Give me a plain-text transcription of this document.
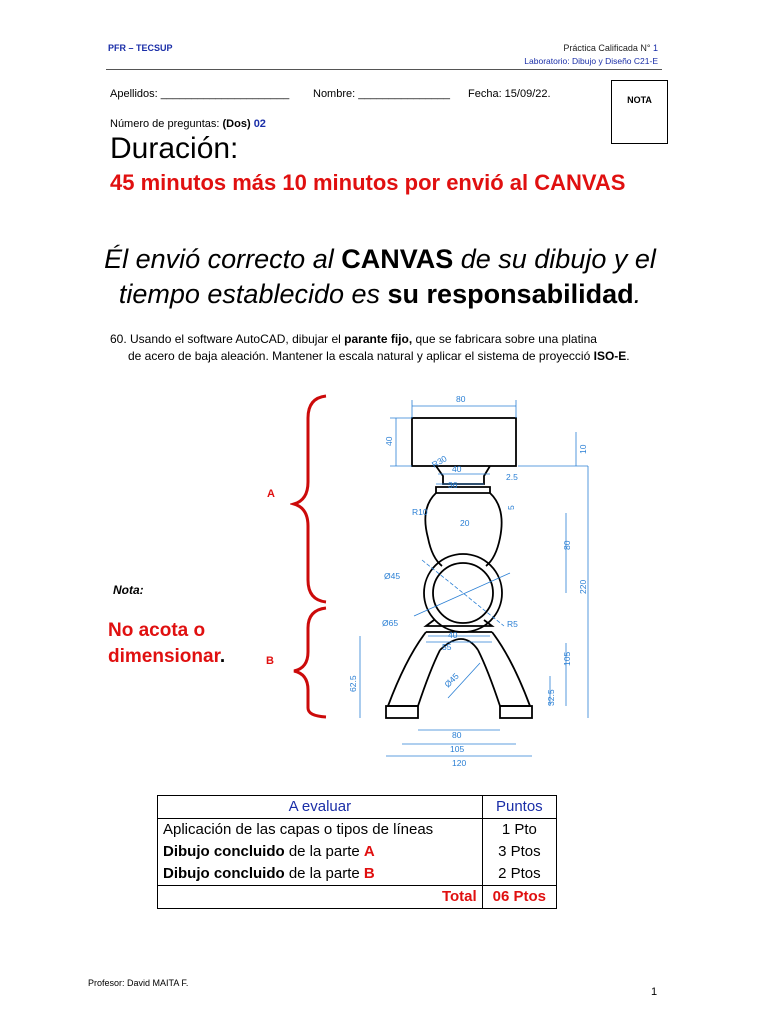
PFR – TECSUP	Práctica Calificada N° 1
Laboratorio: Dibujo y Diseño C21-E
Apellidos: _____________________ Nombre: _______________ Fecha: 15/09/22.	NOTA
Número de preguntas: (Dos) 02
Duración:
45 minutos más 10 minutos por envió al CANVAS
Él envió correcto al CANVAS de su dibujo y el
tiempo establecido es su responsabilidad.
60. Usando el software AutoCAD, dibujar el parante fijo, que se fabricara sobre una platina
de acero de baja aleación. Mantener la escala natural y aplicar el sistema de proyecció ISO-E.
A
B
Nota:
No acota o
dimensionar.
80
40
10
R30 40
2.5
36
R10
20
5
80
220
Ø45
Ø65	R5
40
55
105
Ø45
62.5
32.5
80
105
120
A evaluar	Puntos
Aplicación de las capas o tipos de líneas	1 Pto
Dibujo concluido de la parte A	3 Ptos
Dibujo concluido de la parte B	2 Ptos
Total	06 Ptos
Profesor: David MAITA F.
1
